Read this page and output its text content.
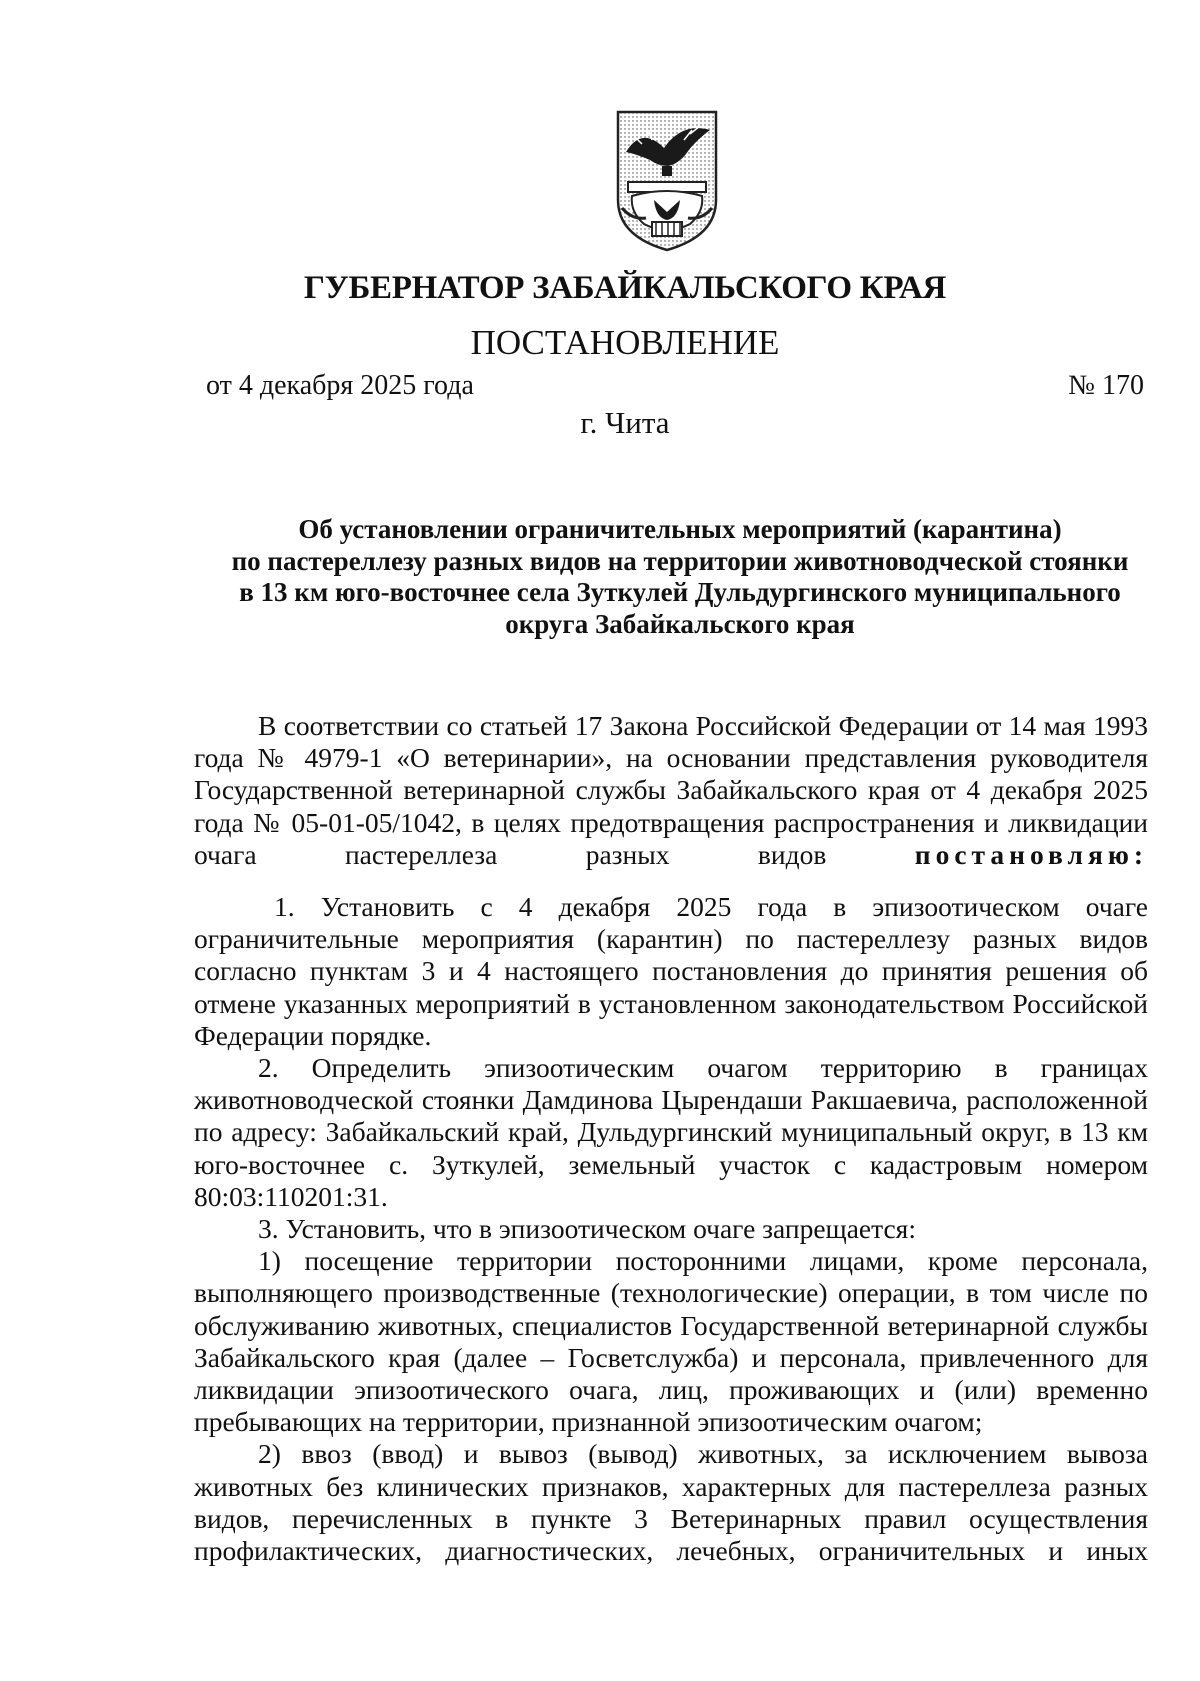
ГУБЕРНАТОР ЗАБАЙКАЛЬСКОГО КРАЯ
ПОСТАНОВЛЕНИЕ
от 4 декабря 2025 года	№ 170
г. Чита
Об установлении ограничительных мероприятий (карантина)
по пастереллезу разных видов на территории животноводческой стоянки
в 13 км юго-восточнее села Зуткулей Дульдургинского муниципального
округа Забайкальского края

В соответствии со статьей 17 Закона Российской Федерации от 14 мая 1993 года № 4979-1 «О ветеринарии», на основании представления руководителя Государственной ветеринарной службы Забайкальского края от 4 декабря 2025 года № 05-01-05/1042, в целях предотвращения распространения и ликвидации очага пастереллеза разных видов	постановляю:

1. Установить с 4 декабря 2025 года в эпизоотическом очаге ограничительные мероприятия (карантин) по пастереллезу разных видов согласно пунктам 3 и 4 настоящего постановления до принятия решения об отмене указанных мероприятий в установленном законодательством Российской Федерации порядке.

2. Определить эпизоотическим очагом территорию в границах животноводческой стоянки Дамдинова Цырендаши Ракшаевича, расположенной по адресу: Забайкальский край, Дульдургинский муниципальный округ, в 13 км юго-восточнее с. Зуткулей, земельный участок с кадастровым номером 80:03:110201:31.

3. Установить, что в эпизоотическом очаге запрещается:

1) посещение территории посторонними лицами, кроме персонала, выполняющего производственные (технологические) операции, в том числе по обслуживанию животных, специалистов Государственной ветеринарной службы Забайкальского края (далее – Госветслужба) и персонала, привлеченного для ликвидации эпизоотического очага, лиц, проживающих и (или) временно пребывающих на территории, признанной эпизоотическим очагом;

2) ввоз (ввод) и вывоз (вывод) животных, за исключением вывоза животных без клинических признаков, характерных для пастереллеза разных видов, перечисленных в пункте 3 Ветеринарных правил осуществления профилактических, диагностических, лечебных, ограничительных и иных
